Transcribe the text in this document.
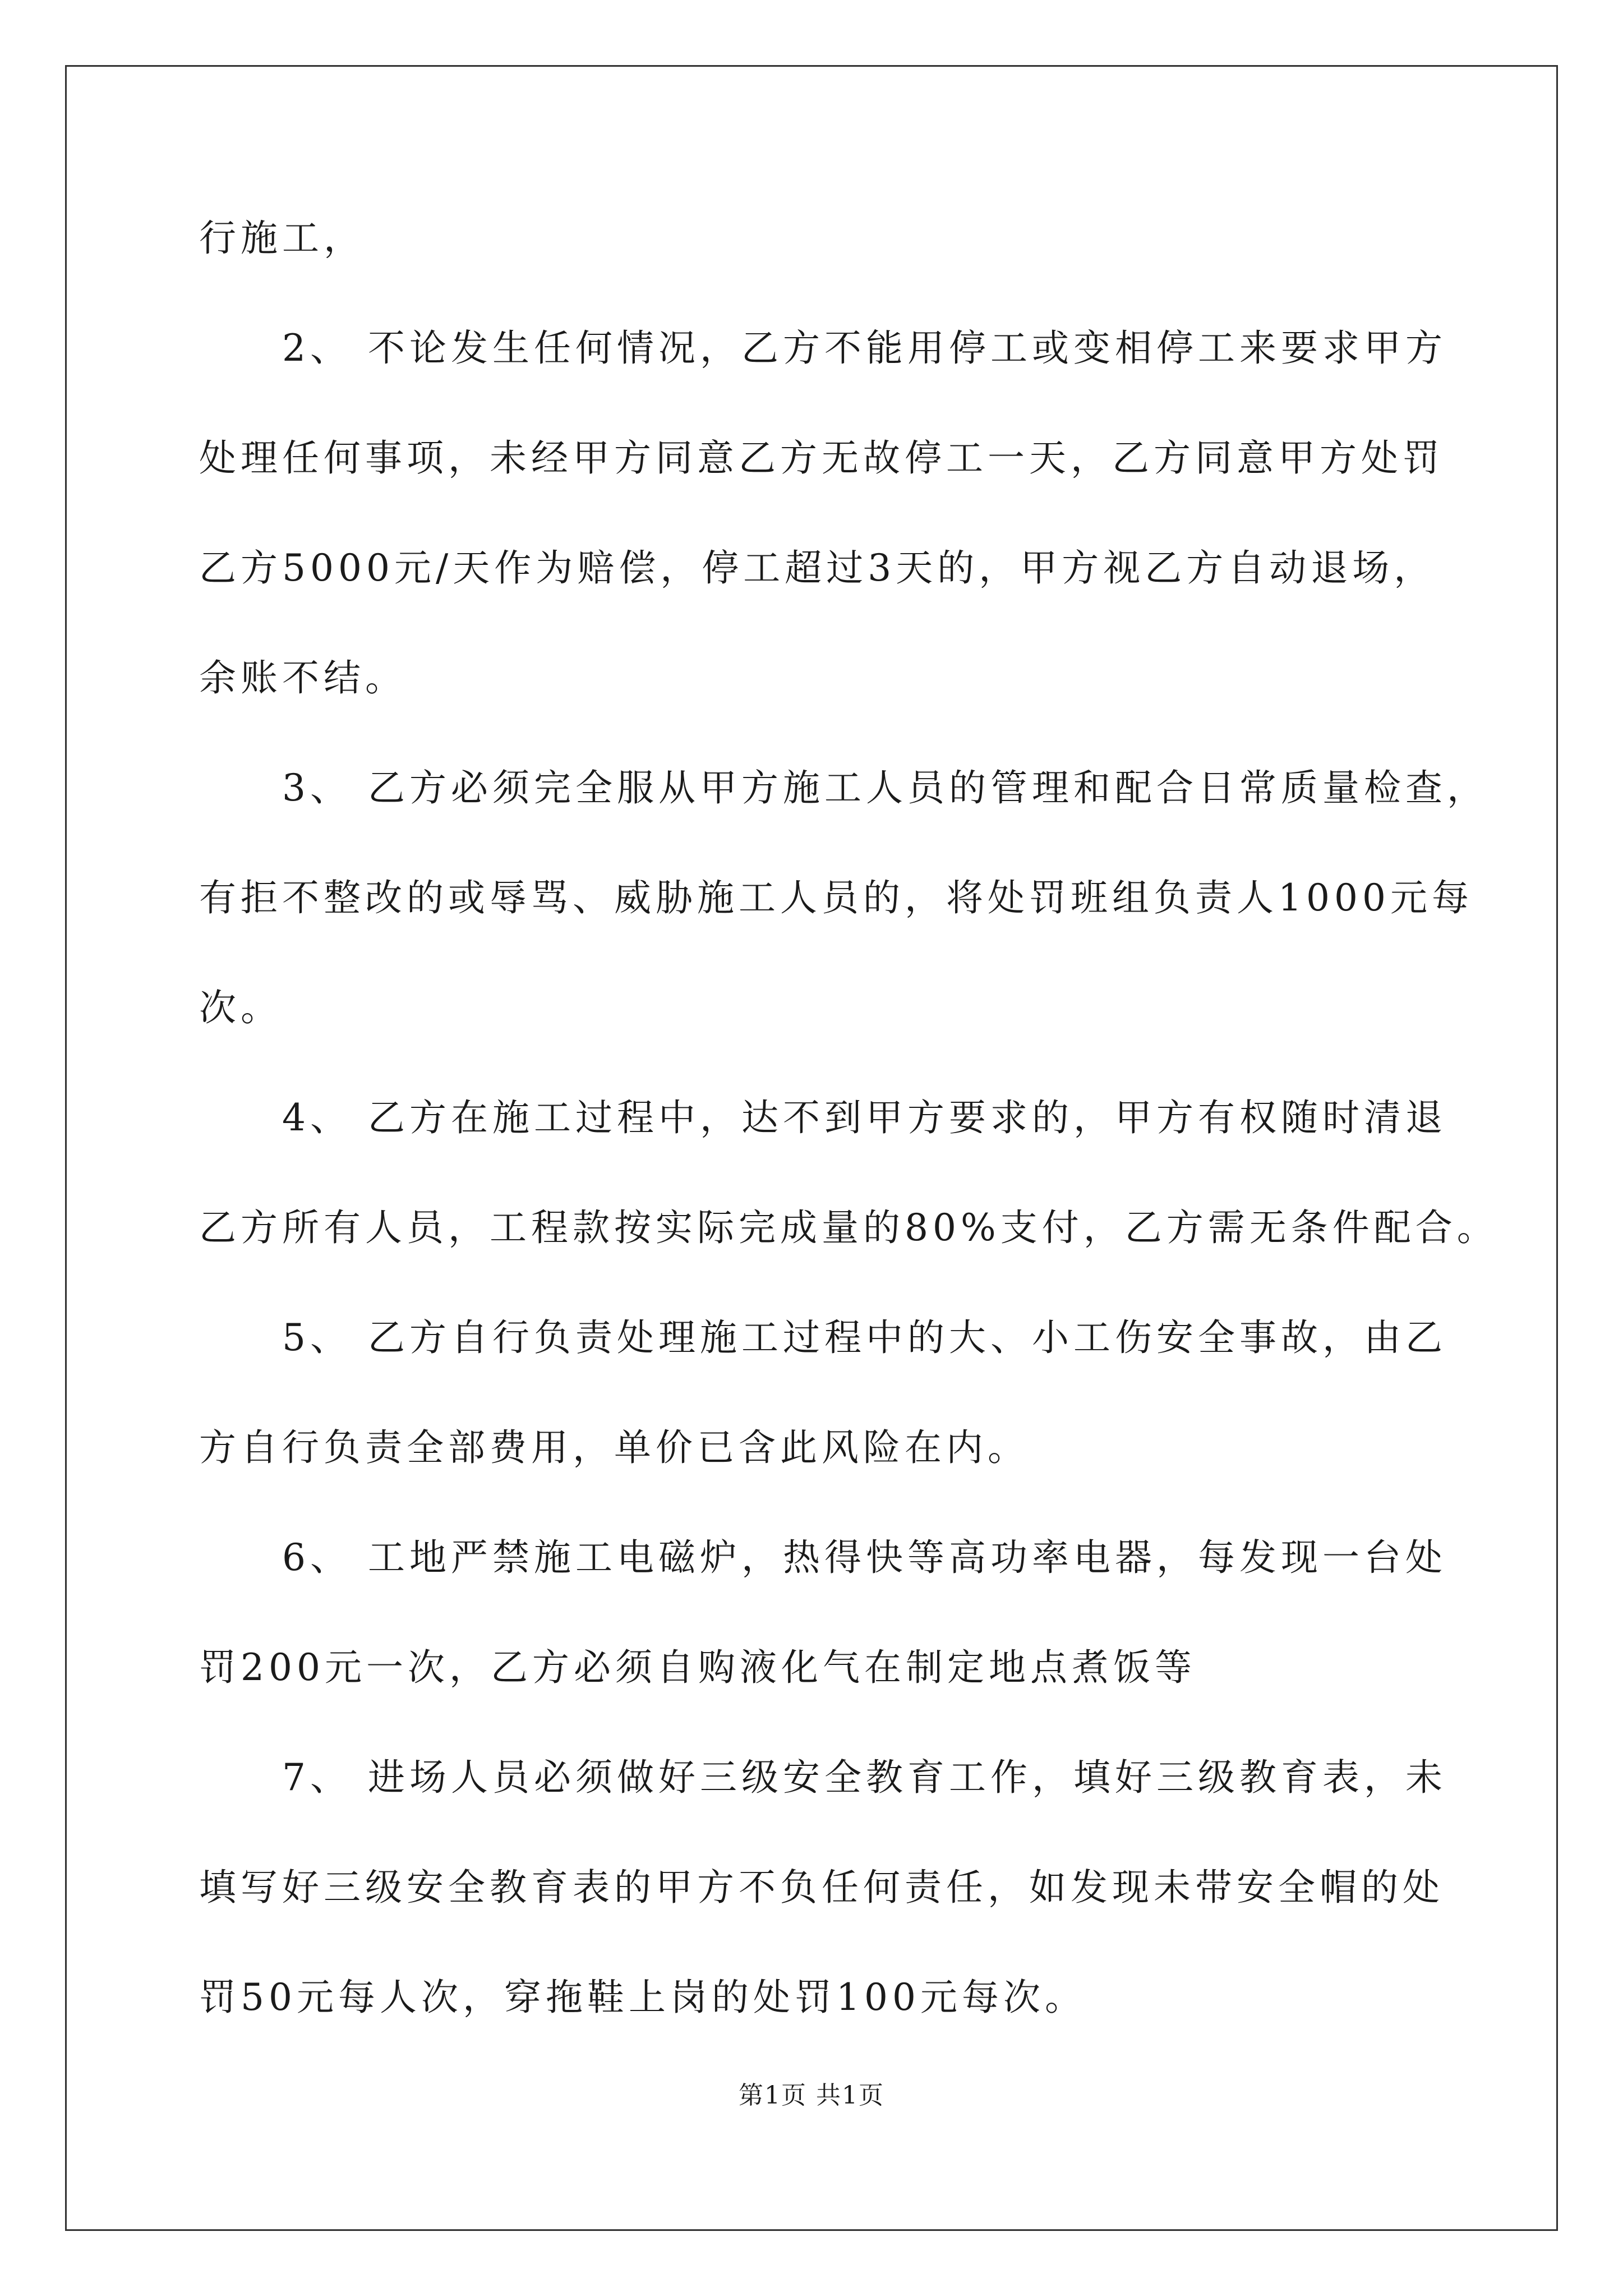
行施工，
2、 不论发生任何情况，乙方不能用停工或变相停工来要求甲方
处理任何事项，未经甲方同意乙方无故停工一天，乙方同意甲方处罚
乙方5000元/天作为赔偿，停工超过3天的，甲方视乙方自动退场，
余账不结。
3、 乙方必须完全服从甲方施工人员的管理和配合日常质量检查，
有拒不整改的或辱骂、威胁施工人员的，将处罚班组负责人1000元每
次。
4、 乙方在施工过程中，达不到甲方要求的，甲方有权随时清退
乙方所有人员，工程款按实际完成量的80%支付，乙方需无条件配合。
5、 乙方自行负责处理施工过程中的大、小工伤安全事故，由乙
方自行负责全部费用，单价已含此风险在内。
6、 工地严禁施工电磁炉，热得快等高功率电器，每发现一台处
罚200元一次，乙方必须自购液化气在制定地点煮饭等
7、 进场人员必须做好三级安全教育工作，填好三级教育表，未
填写好三级安全教育表的甲方不负任何责任，如发现未带安全帽的处
罚50元每人次，穿拖鞋上岗的处罚100元每次。
第1页 共1页
